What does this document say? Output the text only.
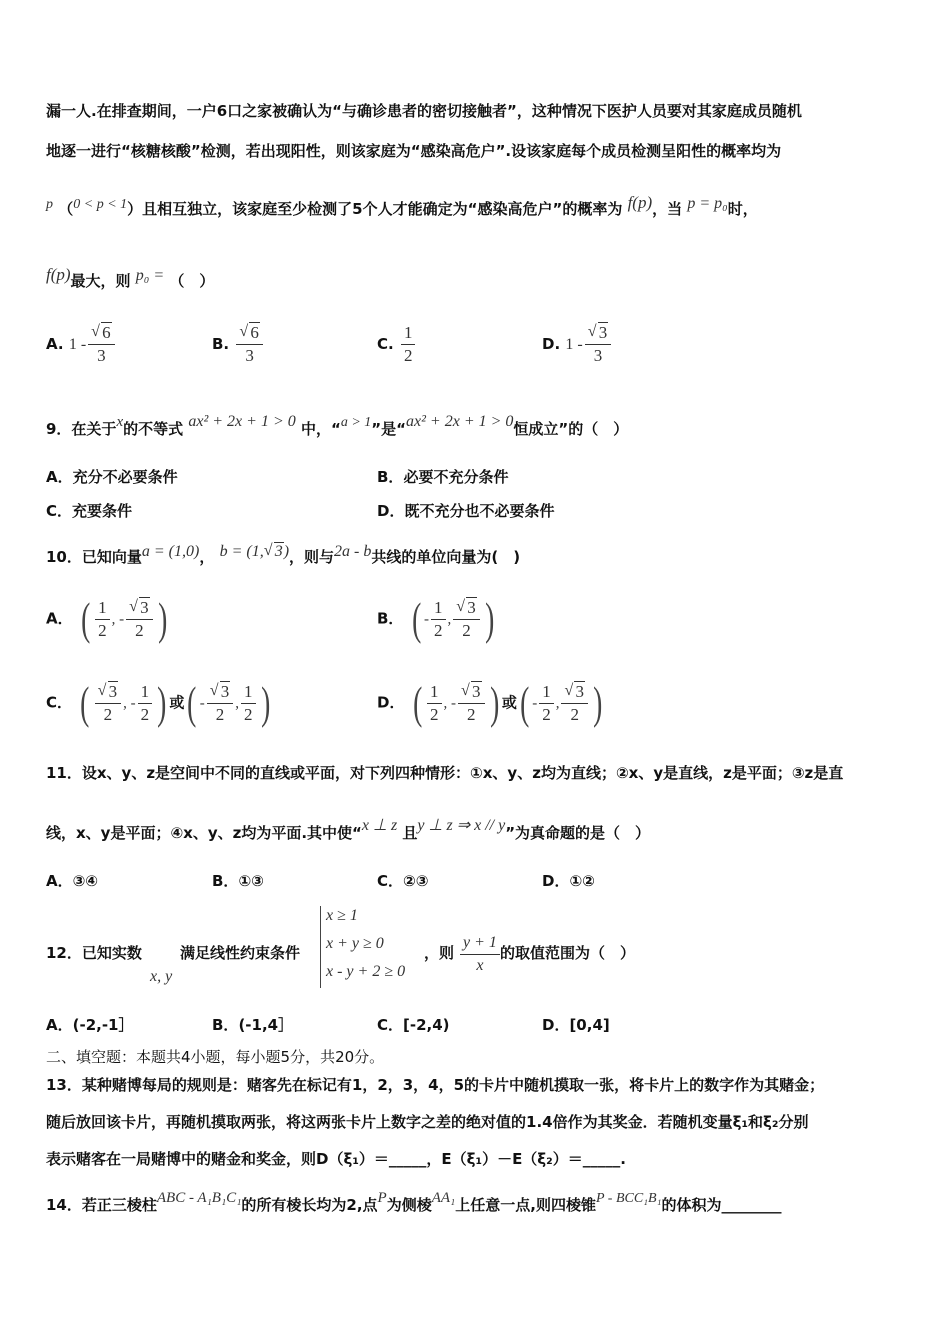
漏一人.在排查期间，一户6口之家被确认为“与确诊患者的密切接触者”，这种情况下医护人员要对其家庭成员随机
地逐一进行“核糖核酸”检测，若出现阳性，则该家庭为“感染高危户”.设该家庭每个成员检测呈阳性的概率均为
p （0 < p < 1）且相互独立，该家庭至少检测了5个人才能确定为“感染高危户”的概率为 f(p)，当 p = p₀时，
f(p)最大，则 p₀ = （　）
A. 1 - √ $\frac{6}{3}$	B. √ $\frac{6}{3}$	C. $\frac{1}{2}$	D. 1 - √ $\frac{3}{3}$
9．在关于x的不等式 ax² + 2x + 1 > 0 中，“a > 1”是“ax² + 2x + 1 > 0恒成立”的（　）
A．充分不必要条件	B．必要不充分条件
C．充要条件	D．既不充分也不必要条件
10．已知向量a = (1,0)， b = (1, √ 3)，则与2a - b共线的单位向量为(　)
A． ( $\frac{1}{2}$ , - √ $\frac{3}{2}$ )	B． ( - $\frac{1}{2}$ , √ $\frac{3}{2}$ )
C． ( √ $\frac{3}{2}$ , - $\frac{1}{2}$ ) 或( - √ $\frac{3}{2}$ , $\frac{1}{2}$ )	D． ( $\frac{1}{2}$ , - √ $\frac{3}{2}$ ) 或( - $\frac{1}{2}$ , √ $\frac{3}{2}$ )
11．设x、y、z是空间中不同的直线或平面，对下列四种情形：①x、y、z均为直线；②x、y是直线，z是平面；③z是直
线，x、y是平面；④x、y、z均为平面.其中使“x ⊥ z 且y ⊥ z ⇒ x // y”为真命题的是（　）
A．③④	B．①③	C．②③	D．①②
12．已知实数
x, y
满足线性约束条件
x ≥ 1
x + y ≥ 0
x - y + 2 ≥ 0
，则 $\frac{y + 1}{x}$ 的取值范围为（　）
A．(-2,-1］	B．(-1,4］	C．[-2,4)	D．[0,4]
二、填空题：本题共4小题，每小题5分，共20分。
13．某种赌博每局的规则是：赌客先在标记有1，2，3，4，5的卡片中随机摸取一张，将卡片上的数字作为其赌金；
随后放回该卡片，再随机摸取两张，将这两张卡片上数字之差的绝对值的1.4倍作为其奖金．若随机变量ξ₁和ξ₂分别
表示赌客在一局赌博中的赌金和奖金，则D（ξ₁）＝_____，E（ξ₁）－E（ξ₂）＝_____.
14．若正三棱柱ABC - A₁B₁C₁的所有棱长均为2,点P为侧棱AA₁上任意一点,则四棱锥P - BCC₁B₁的体积为________
